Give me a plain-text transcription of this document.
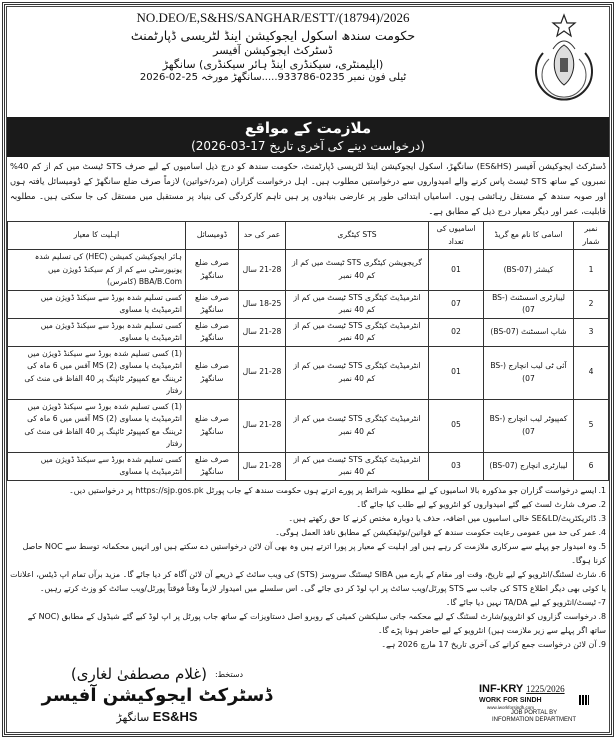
NO.DEO/E,S&HS/SANGHAR/ESTT/(18794)/2026
حکومت سندھ اسکول ایجوکیشن اینڈ لٹریسی ڈپارٹمنٹ
ڈسٹرکٹ ایجوکیشن آفیسر
(ایلیمنٹری، سیکنڈری اینڈ ہائر سیکنڈری) سانگھڑ
ٹیلی فون نمبر 0235-933786.....سانگھڑ مورخہ 25-02-2026
ملازمت کے مواقع
(درخواست دینے کی آخری تاریخ 17-03-2026)
ڈسٹرکٹ ایجوکیشن آفیسر (ES&HS) سانگھڑ، اسکول ایجوکیشن اینڈ لٹریسی ڈپارٹمنٹ، حکومت سندھ کو درج ذیل اسامیوں کے لیے صرف STS ٹیسٹ میں کم از کم 40% نمبروں کے ساتھ STS ٹیسٹ پاس کرنے والے امیدواروں سے درخواستیں مطلوب ہیں۔ اہل درخواست گزاران (مرد/خواتین) لازماً صرف ضلع سانگھڑ کے ڈومیسائل یافتہ ہوں اور صوبہ سندھ کے مستقل رہائشی ہوں۔ اسامیاں ابتدائی طور پر عارضی بنیادوں پر ہیں تاہم کارکردگی کی بنیاد پر مستقبل میں مستقل کی جا سکتی ہیں۔ مطلوبہ قابلیت، عمر اور دیگر معیار درج ذیل کے مطابق ہے۔
نمبر شمار	اسامی کا نام مع گریڈ	اسامیوں کی تعداد	STS کیٹگری	عمر کی حد	ڈومیسائل	اہلیت کا معیار
1	کیشئر (BS-07)	01	گریجویشن کیٹگری STS ٹیسٹ میں کم از کم 40 نمبر	21-28 سال	صرف ضلع سانگھڑ	ہائر ایجوکیشن کمیشن (HEC) کی تسلیم شدہ یونیورسٹی سے کم از کم سیکنڈ ڈویژن میں BBA/B.Com (کامرس)
2	لیبارٹری اسسٹنٹ (BS-07)	07	انٹرمیڈیٹ کیٹگری STS ٹیسٹ میں کم از کم 40 نمبر	18-25 سال	صرف ضلع سانگھڑ	کسی تسلیم شدہ بورڈ سے سیکنڈ ڈویژن میں انٹرمیڈیٹ یا مساوی
3	شاپ اسسٹنٹ (BS-07)	02	انٹرمیڈیٹ کیٹگری STS ٹیسٹ میں کم از کم 40 نمبر	21-28 سال	صرف ضلع سانگھڑ	کسی تسلیم شدہ بورڈ سے سیکنڈ ڈویژن میں انٹرمیڈیٹ یا مساوی
4	آئی ٹی لیب انچارج (BS-07)	01	انٹرمیڈیٹ کیٹگری STS ٹیسٹ میں کم از کم 40 نمبر	21-28 سال	صرف ضلع سانگھڑ	(1) کسی تسلیم شدہ بورڈ سے سیکنڈ ڈویژن میں انٹرمیڈیٹ یا مساوی (2) MS آفس میں 6 ماہ کی ٹریننگ مع کمپیوٹر ٹائپنگ پر 40 الفاظ فی منٹ کی رفتار
5	کمپیوٹر لیب انچارج (BS-07)	05	انٹرمیڈیٹ کیٹگری STS ٹیسٹ میں کم از کم 40 نمبر	21-28 سال	صرف ضلع سانگھڑ	(1) کسی تسلیم شدہ بورڈ سے سیکنڈ ڈویژن میں انٹرمیڈیٹ یا مساوی (2) MS آفس میں 6 ماہ کی ٹریننگ مع کمپیوٹر ٹائپنگ پر 40 الفاظ فی منٹ کی رفتار
6	لیبارٹری انچارج (BS-07)	03	انٹرمیڈیٹ کیٹگری STS ٹیسٹ میں کم از کم 40 نمبر	21-28 سال	صرف ضلع سانگھڑ	کسی تسلیم شدہ بورڈ سے سیکنڈ ڈویژن میں انٹرمیڈیٹ یا مساوی
1.ایسے درخواست گزاران جو مذکورہ بالا اسامیوں کے لیے مطلوبہ شرائط پر پورے اترتے ہوں حکومت سندھ کے جاب پورٹل https://sjp.gos.pk پر درخواستیں دیں۔
2.صرف شارٹ لسٹ کیے گئے امیدواروں کو انٹرویو کے لیے طلب کیا جائے گا۔
3.ڈائریکٹریٹ/SE&LD خالی اسامیوں میں اضافہ، حذف یا دوبارہ مختص کرنے کا حق رکھتے ہیں۔
4.عمر کی حد میں عمومی رعایت حکومت سندھ کے قوانین/نوٹیفکیشن کے مطابق نافذ العمل ہوگی۔
5.وہ امیدوار جو پہلے سے سرکاری ملازمت کر رہے ہیں اور اہلیت کے معیار پر پورا اترتے ہیں وہ بھی آن لائن درخواستیں دے سکتے ہیں اور انہیں محکمانہ توسط سے NOC حاصل کرنا ہوگا۔
6.شارٹ لسٹنگ/انٹرویو کے لیے تاریخ، وقت اور مقام کے بارے میں SIBA ٹیسٹنگ سروسز (STS) کی ویب سائٹ کے ذریعے آن لائن آگاہ کر دیا جائے گا۔ مزید برآں تمام اپ ڈیٹس، اعلانات یا کوئی بھی دیگر اطلاع STS کی جانب سے STS پورٹل/ویب سائٹ پر اپ لوڈ کر دی جائے گی۔ اس سلسلے میں امیدوار لازماً وقتاً فوقتاً پورٹل/ویب سائٹ کو وزٹ کرتے رہیں۔
7-ٹیسٹ/انٹرویو کے لیے TA/DA نہیں دیا جائے گا۔
8.درخواست گزاروں کو انٹرویو/شارٹ لسٹنگ کے لیے محکمہ جاتی سلیکشن کمیٹی کے روبرو اصل دستاویزات کے ساتھ جاب پورٹل پر اپ لوڈ کیے گئے شیڈول کے مطابق (NOC کے ساتھ اگر پہلے سے زیر ملازمت ہیں) انٹرویو کے لیے حاضر ہونا پڑے گا۔
9.آن لائن درخواست جمع کرانے کی آخری تاریخ 17 مارچ 2026 ہے۔
(غلام مصطفیٰ لغاری) دستخط:
ڈسٹرکٹ ایجوکیشن آفیسر
ES&HS سانگھڑ
INF-KRY 1225/2026
WORK FOR SINDH
www.iworkforsindh.com
JOB PORTAL BY
INFORMATION DEPARTMENT
